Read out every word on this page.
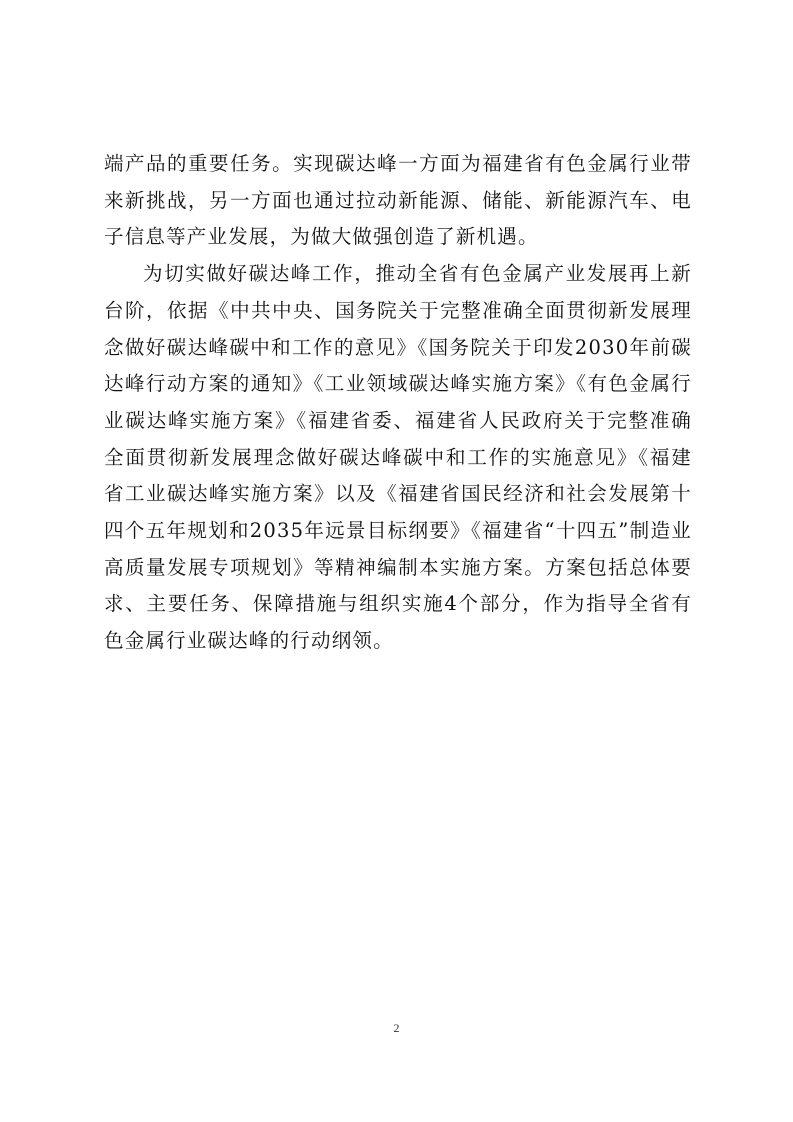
端产品的重要任务。实现碳达峰一方面为福建省有色金属行业带来新挑战，另一方面也通过拉动新能源、储能、新能源汽车、电子信息等产业发展，为做大做强创造了新机遇。

为切实做好碳达峰工作，推动全省有色金属产业发展再上新台阶，依据《中共中央、国务院关于完整准确全面贯彻新发展理念做好碳达峰碳中和工作的意见》《国务院关于印发2030年前碳达峰行动方案的通知》《工业领域碳达峰实施方案》《有色金属行业碳达峰实施方案》《福建省委、福建省人民政府关于完整准确全面贯彻新发展理念做好碳达峰碳中和工作的实施意见》《福建省工业碳达峰实施方案》以及《福建省国民经济和社会发展第十四个五年规划和2035年远景目标纲要》《福建省“十四五”制造业高质量发展专项规划》等精神编制本实施方案。方案包括总体要求、主要任务、保障措施与组织实施4个部分，作为指导全省有色金属行业碳达峰的行动纲领。

2
